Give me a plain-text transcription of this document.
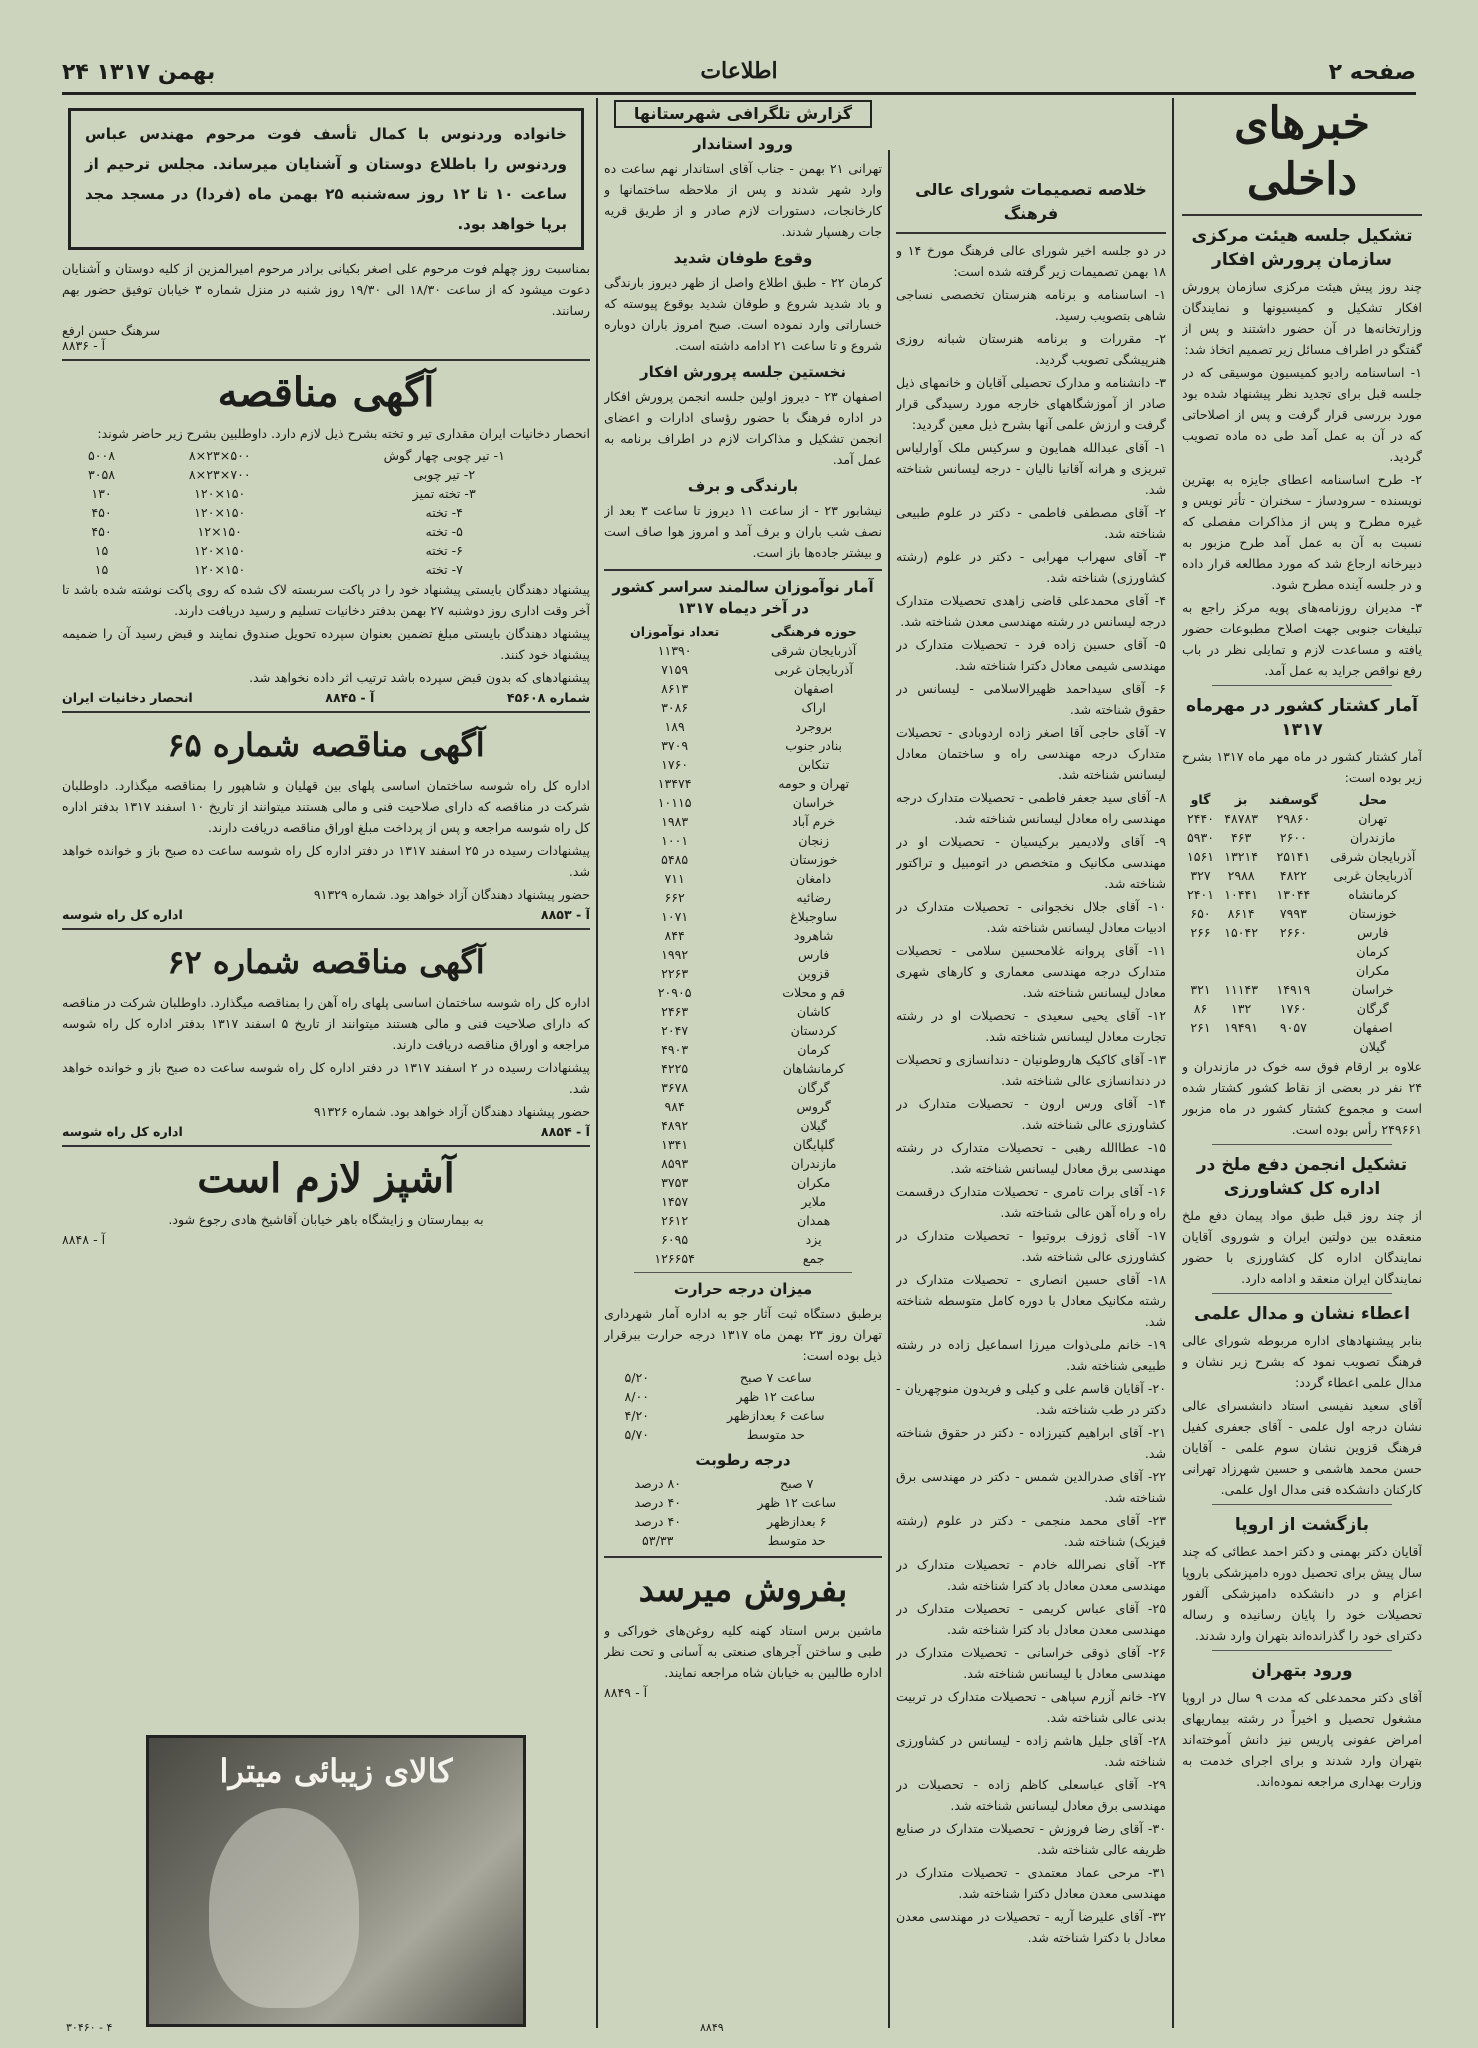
صفحه ۲
اطلاعات
۲۴ بهمن ۱۳۱۷
خبرهای داخلی
تشکیل جلسه هیئت مرکزی سازمان پرورش افکار

چند روز پیش هیئت مرکزی سازمان پرورش افکار تشکیل و کمیسیونها و نمایندگان وزارتخانه‌ها در آن حضور داشتند و پس از گفتگو در اطراف مسائل زیر تصمیم اتخاذ شد:

۱- اساسنامه رادیو کمیسیون موسیقی که در جلسه قبل برای تجدید نظر پیشنهاد شده بود مورد بررسی قرار گرفت و پس از اصلاحاتی که در آن به عمل آمد طی ده ماده تصویب گردید.

۲- طرح اساسنامه اعطای جایزه به بهترین نویسنده - سرودساز - سخنران - تأتر نویس و غیره مطرح و پس از مذاکرات مفصلی که نسبت به آن به عمل آمد طرح مزبور به دبیرخانه ارجاع شد که مورد مطالعه قرار داده و در جلسه آینده مطرح شود.

۳- مدیران روزنامه‌های پویه مرکز راجع به تبلیغات جنوبی جهت اصلاح مطبوعات حضور یافته و مساعدت لازم و تمایلی نظر در باب رفع نواقص جراید به عمل آمد.

آمار کشتار کشور در مهرماه ۱۳۱۷

آمار کشتار کشور در ماه مهر ماه ۱۳۱۷ بشرح زیر بوده است:

محل	گوسفند	بز	گاو
تهران	۲۹۸۶۰	۴۸۷۸۳	۲۴۴۰
مازندران	۲۶۰۰	۴۶۳	۵۹۳۰
آذربایجان شرقی	۲۵۱۴۱	۱۳۲۱۴	۱۵۶۱
آذربایجان غربی	۴۸۲۲	۲۹۸۸	۳۲۷
کرمانشاه	۱۳۰۴۴	۱۰۴۴۱	۲۴۰۱
خوزستان	۷۹۹۳	۸۶۱۴	۶۵۰
فارس	۲۶۶۰	۱۵۰۴۲	۲۶۶
کرمان			
مکران			
خراسان	۱۴۹۱۹	۱۱۱۴۳	۳۲۱
گرگان	۱۷۶۰	۱۳۲	۸۶
اصفهان	۹۰۵۷	۱۹۴۹۱	۲۶۱
گیلان			

علاوه بر ارقام فوق سه خوک در مازندران و ۲۴ نفر در بعضی از نقاط کشور کشتار شده است و مجموع کشتار کشور در ماه مزبور ۲۴۹۶۶۱ رأس بوده است.

تشکیل انجمن دفع ملخ در اداره کل کشاورزی

از چند روز قبل طبق مواد پیمان دفع ملخ منعقده بین دولتین ایران و شوروی آقایان نمایندگان اداره کل کشاورزی با حضور نمایندگان ایران منعقد و ادامه دارد.

اعطاء نشان و مدال علمی

بنابر پیشنهادهای اداره مربوطه شورای عالی فرهنگ تصویب نمود که بشرح زیر نشان و مدال علمی اعطاء گردد:

آقای سعید نفیسی استاد دانشسرای عالی نشان درجه اول علمی - آقای جعفری کفیل فرهنگ قزوین نشان سوم علمی - آقایان حسن محمد هاشمی و حسین شهرزاد تهرانی کارکنان دانشکده فنی مدال اول علمی.

بازگشت از اروپا

آقایان دکتر بهمنی و دکتر احمد عطائی که چند سال پیش برای تحصیل دوره دامپزشکی باروپا اعزام و در دانشکده دامپزشکی آلفور تحصیلات خود را پایان رسانیده و رساله دکترای خود را گذرانده‌اند بتهران وارد شدند.

ورود بتهران

آقای دکتر محمدعلی که مدت ۹ سال در اروپا مشغول تحصیل و اخیراً در رشته بیماریهای امراض عفونی پاریس نیز دانش آموخته‌اند بتهران وارد شدند و برای اجرای خدمت به وزارت بهداری مراجعه نموده‌اند.

خلاصه تصمیمات شورای عالی فرهنگ

در دو جلسه اخیر شورای عالی فرهنگ مورخ ۱۴ و ۱۸ بهمن تصمیمات زیر گرفته شده است:

۱- اساسنامه و برنامه هنرستان تخصصی نساجی شاهی بتصویب رسید.

۲- مقررات و برنامه هنرستان شبانه روزی هنرپیشگی تصویب گردید.

۳- دانشنامه و مدارک تحصیلی آقایان و خانمهای ذیل صادر از آموزشگاههای خارجه مورد رسیدگی قرار گرفت و ارزش علمی آنها بشرح ذیل معین گردید:

۱- آقای عبدالله همایون و سرکیس ملک آوارلیاس تبریزی و هرانه آقانیا نالیان - درجه لیسانس شناخته شد.

۲- آقای مصطفی فاطمی - دکتر در علوم طبیعی شناخته شد.

۳- آقای سهراب مهرابی - دکتر در علوم (رشته کشاورزی) شناخته شد.

۴- آقای محمدعلی قاضی زاهدی تحصیلات متدارک درجه لیسانس در رشته مهندسی معدن شناخته شد.

۵- آقای حسین زاده فرد - تحصیلات متدارک در مهندسی شیمی معادل دکترا شناخته شد.

۶- آقای سیداحمد ظهیرالاسلامی - لیسانس در حقوق شناخته شد.

۷- آقای حاجی آقا اصغر زاده اردوبادی - تحصیلات متدارک درجه مهندسی راه و ساختمان معادل لیسانس شناخته شد.

۸- آقای سید جعفر فاطمی - تحصیلات متدارک درجه مهندسی راه معادل لیسانس شناخته شد.

۹- آقای ولادیمیر برکیسیان - تحصیلات او در مهندسی مکانیک و متخصص در اتومبیل و تراکتور شناخته شد.

۱۰- آقای جلال نخجوانی - تحصیلات متدارک در ادبیات معادل لیسانس شناخته شد.

۱۱- آقای پروانه غلامحسین سلامی - تحصیلات متدارک درجه مهندسی معماری و کارهای شهری معادل لیسانس شناخته شد.

۱۲- آقای یحیی سعیدی - تحصیلات او در رشته تجارت معادل لیسانس شناخته شد.

۱۳- آقای کاکیک هاروطونیان - دندانسازی و تحصیلات در دندانسازی عالی شناخته شد.

۱۴- آقای ورس ارون - تحصیلات متدارک در کشاورزی عالی شناخته شد.

۱۵- عطاالله رهبی - تحصیلات متدارک در رشته مهندسی برق معادل لیسانس شناخته شد.

۱۶- آقای برات تامری - تحصیلات متدارک درقسمت راه و راه آهن عالی شناخته شد.

۱۷- آقای ژوزف بروتیوا - تحصیلات متدارک در کشاورزی عالی شناخته شد.

۱۸- آقای حسین انصاری - تحصیلات متدارک در رشته مکانیک معادل با دوره کامل متوسطه شناخته شد.

۱۹- خانم ملی‌ذوات میرزا اسماعیل زاده در رشته طبیعی شناخته شد.

۲۰- آقایان قاسم علی و کیلی و فریدون منوچهریان - دکتر در طب شناخته شد.

۲۱- آقای ابراهیم کتیرزاده - دکتر در حقوق شناخته شد.

۲۲- آقای صدرالدین شمس - دکتر در مهندسی برق شناخته شد.

۲۳- آقای محمد منجمی - دکتر در علوم (رشته فیزیک) شناخته شد.

۲۴- آقای نصرالله خادم - تحصیلات متدارک در مهندسی معدن معادل باد کترا شناخته شد.

۲۵- آقای عباس کریمی - تحصیلات متدارک در مهندسی معدن معادل باد کترا شناخته شد.

۲۶- آقای ذوقی خراسانی - تحصیلات متدارک در مهندسی معادل با لیسانس شناخته شد.

۲۷- خانم آزرم سپاهی - تحصیلات متدارک در تربیت بدنی عالی شناخته شد.

۲۸- آقای جلیل هاشم زاده - لیسانس در کشاورزی شناخته شد.

۲۹- آقای عباسعلی کاظم زاده - تحصیلات در مهندسی برق معادل لیسانس شناخته شد.

۳۰- آقای رضا فروزش - تحصیلات متدارک در صنایع ظریفه عالی شناخته شد.

۳۱- مرحی عماد معتمدی - تحصیلات متدارک در مهندسی معدن معادل دکترا شناخته شد.

۳۲- آقای علیرضا آریه - تحصیلات در مهندسی معدن معادل با دکترا شناخته شد.

گزارش تلگرافی شهرستانها
ورود استاندار

تهرانی ۲۱ بهمن - جناب آقای استاندار نهم ساعت ده وارد شهر شدند و پس از ملاحظه ساختمانها و کارخانجات، دستورات لازم صادر و از طریق قریه جات رهسپار شدند.

وقوع طوفان شدید

کرمان ۲۲ - طبق اطلاع واصل از ظهر دیروز بارندگی و باد شدید شروع و طوفان شدید بوقوع پیوسته که خساراتی وارد نموده است. صبح امروز باران دوباره شروع و تا ساعت ۲۱ ادامه داشته است.

نخستین جلسه پرورش افکار

اصفهان ۲۳ - دیروز اولین جلسه انجمن پرورش افکار در اداره فرهنگ با حضور رؤسای ادارات و اعضای انجمن تشکیل و مذاکرات لازم در اطراف برنامه به عمل آمد.

بارندگی و برف

نیشابور ۲۳ - از ساعت ۱۱ دیروز تا ساعت ۳ بعد از نصف شب باران و برف آمد و امروز هوا صاف است و بیشتر جاده‌ها باز است.

آمار نوآموزان سالمند سراسر کشور در آخر دیماه ۱۳۱۷
حوزه فرهنگی	تعداد نوآموزان
آذربایجان شرقی	۱۱۳۹۰
آذربایجان غربی	۷۱۵۹
اصفهان	۸۶۱۳
اراک	۳۰۸۶
بروجرد	۱۸۹
بنادر جنوب	۳۷۰۹
تنکابن	۱۷۶۰
تهران و حومه	۱۳۴۷۴
خراسان	۱۰۱۱۵
خرم آباد	۱۹۸۳
زنجان	۱۰۰۱
خوزستان	۵۴۸۵
دامغان	۷۱۱
رضائیه	۶۶۲
ساوجبلاغ	۱۰۷۱
شاهرود	۸۴۴
فارس	۱۹۹۲
قزوین	۲۲۶۳
قم و محلات	۲۰۹۰۵
کاشان	۲۴۶۳
کردستان	۲۰۴۷
کرمان	۴۹۰۳
کرمانشاهان	۴۲۲۵
گرگان	۳۶۷۸
گروس	۹۸۴
گیلان	۴۸۹۲
گلپایگان	۱۳۴۱
مازندران	۸۵۹۳
مکران	۳۷۵۳
ملایر	۱۴۵۷
همدان	۲۶۱۲
یزد	۶۰۹۵
جمع	۱۲۶۶۵۴
میزان درجه حرارت

برطبق دستگاه ثبت آثار جو به اداره آمار شهرداری تهران روز ۲۳ بهمن ماه ۱۳۱۷ درجه حرارت ببرقرار ذیل بوده است:

ساعت ۷ صبح	۵/۲۰
ساعت ۱۲ ظهر	۸/۰۰
ساعت ۶ بعدازظهر	۴/۲۰
حد متوسط	۵/۷۰
درجه رطوبت
۷ صبح	۸۰ درصد
ساعت ۱۲ ظهر	۴۰ درصد
۶ بعدازظهر	۴۰ درصد
حد متوسط	۵۳/۳۳
بفروش میرسد

ماشین برس استاد کهنه کلیه روغن‌های خوراکی و طبی و ساختن آجرهای صنعتی به آسانی و تحت نظر اداره طالبین به خیابان شاه مراجعه نمایند.

آ - ۸۸۴۹

خانواده وردنوس با کمال تأسف فوت مرحوم مهندس عباس وردنوس را باطلاع دوستان و آشنایان میرساند. مجلس ترحیم از ساعت ۱۰ تا ۱۲ روز سه‌شنبه ۲۵ بهمن ماه (فردا) در مسجد مجد برپا خواهد بود.

بمناسبت روز چهلم فوت مرحوم علی اصغر بکیانی برادر مرحوم امیرالمزین از کلیه دوستان و آشنایان دعوت میشود که از ساعت ۱۸/۳۰ الی ۱۹/۳۰ روز شنبه در منزل شماره ۳ خیابان توفیق حضور بهم رسانند.

سرهنگ حسن ارفع
آ - ۸۸۳۶
آگهی مناقصه

انحصار دخانیات ایران مقداری تیر و تخته بشرح ذیل لازم دارد. داوطلبین بشرح زیر حاضر شوند:

۱- تیر چوبی چهار گوش	۵۰۰×۲۳×۸	۵۰۰۸
۲- تیر چوبی	۷۰۰×۲۳×۸	۳۰۵۸
۳- تخته تمیز	۱۵۰×۱۲۰	۱۳۰
۴- تخته	۱۵۰×۱۲۰	۴۵۰
۵- تخته	۱۵۰×۱۲	۴۵۰
۶- تخته	۱۵۰×۱۲۰	۱۵
۷- تخته	۱۵۰×۱۲۰	۱۵

پیشنهاد دهندگان بایستی پیشنهاد خود را در پاکت سربسته لاک شده که روی پاکت نوشته شده باشد تا آخر وقت اداری روز دوشنبه ۲۷ بهمن بدفتر دخانیات تسلیم و رسید دریافت دارند.

پیشنهاد دهندگان بایستی مبلغ تضمین بعنوان سپرده تحویل صندوق نمایند و قبض رسید آن را ضمیمه پیشنهاد خود کنند.

پیشنهادهای که بدون قبض سپرده باشد ترتیب اثر داده نخواهد شد.

شماره ۴۵۶۰۸
آ - ۸۸۴۵
انحصار دخانیات ایران
آگهی مناقصه شماره ۶۵

اداره کل راه شوسه ساختمان اساسی پلهای بین قهلیان و شاهپور را بمناقصه میگذارد. داوطلبان شرکت در مناقصه که دارای صلاحیت فنی و مالی هستند میتوانند از تاریخ ۱۰ اسفند ۱۳۱۷ بدفتر اداره کل راه شوسه مراجعه و پس از پرداخت مبلغ اوراق مناقصه دریافت دارند.

پیشنهادات رسیده در ۲۵ اسفند ۱۳۱۷ در دفتر اداره کل راه شوسه ساعت ده صبح باز و خوانده خواهد شد.

حضور پیشنهاد دهندگان آزاد خواهد بود. شماره ۹۱۳۲۹

آ - ۸۸۵۳
اداره کل راه شوسه
آگهی مناقصه شماره ۶۲

اداره کل راه شوسه ساختمان اساسی پلهای راه آهن را بمناقصه میگذارد. داوطلبان شرکت در مناقصه که دارای صلاحیت فنی و مالی هستند میتوانند از تاریخ ۵ اسفند ۱۳۱۷ بدفتر اداره کل راه شوسه مراجعه و اوراق مناقصه دریافت دارند.

پیشنهادات رسیده در ۲ اسفند ۱۳۱۷ در دفتر اداره کل راه شوسه ساعت ده صبح باز و خوانده خواهد شد.

حضور پیشنهاد دهندگان آزاد خواهد بود. شماره ۹۱۳۲۶

آ - ۸۸۵۴
اداره کل راه شوسه
آشپز لازم است

به بیمارستان و زایشگاه باهر خیابان آقاشیخ هادی رجوع شود.

آ - ۸۸۴۸
کالای زیبائی میترا
۳۰۴۶۰ - ۴	۸۸۴۹
